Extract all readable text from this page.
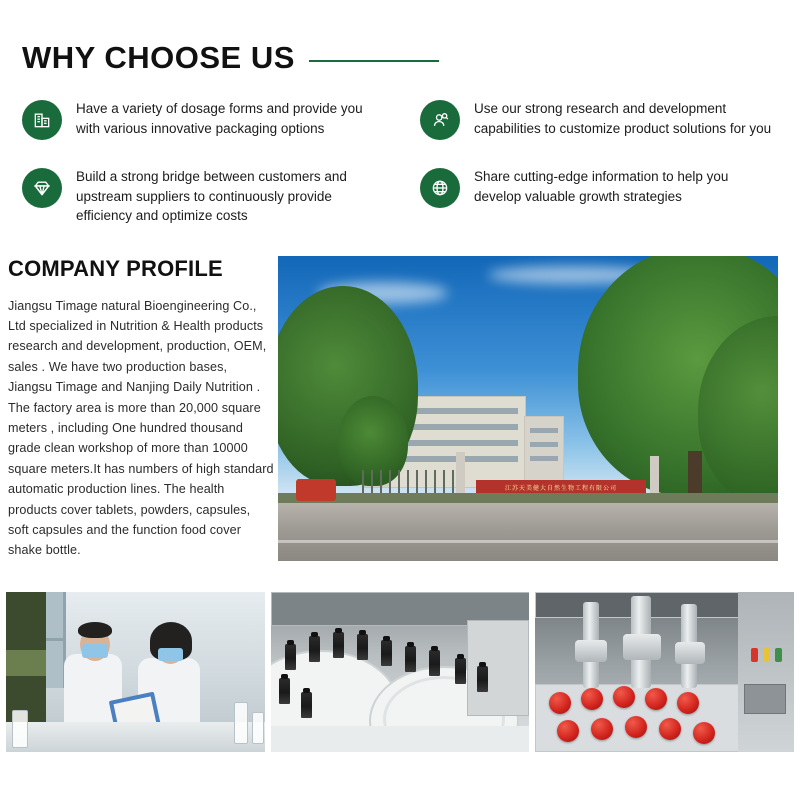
WHY CHOOSE US
Have a variety of dosage forms and provide you with various innovative packaging options
Use our strong research and development capabilities to customize product solutions for you
Build a strong bridge between customers and upstream suppliers to continuously provide efficiency and optimize costs
Share cutting-edge information to help you develop valuable growth strategies
COMPANY PROFILE
Jiangsu Timage natural Bioengineering Co., Ltd specialized in Nutrition & Health products research and development, production, OEM, sales . We have two production bases, Jiangsu Timage and Nanjing Daily Nutrition . The factory area is more than 20,000 square meters , including One hundred thousand grade clean workshop of more than 10000 square meters.It has numbers of high standard automatic production lines. The health products cover tablets, powders, capsules, soft capsules and the function food cover shake bottle.
江苏天美健大自然生物工程有限公司
